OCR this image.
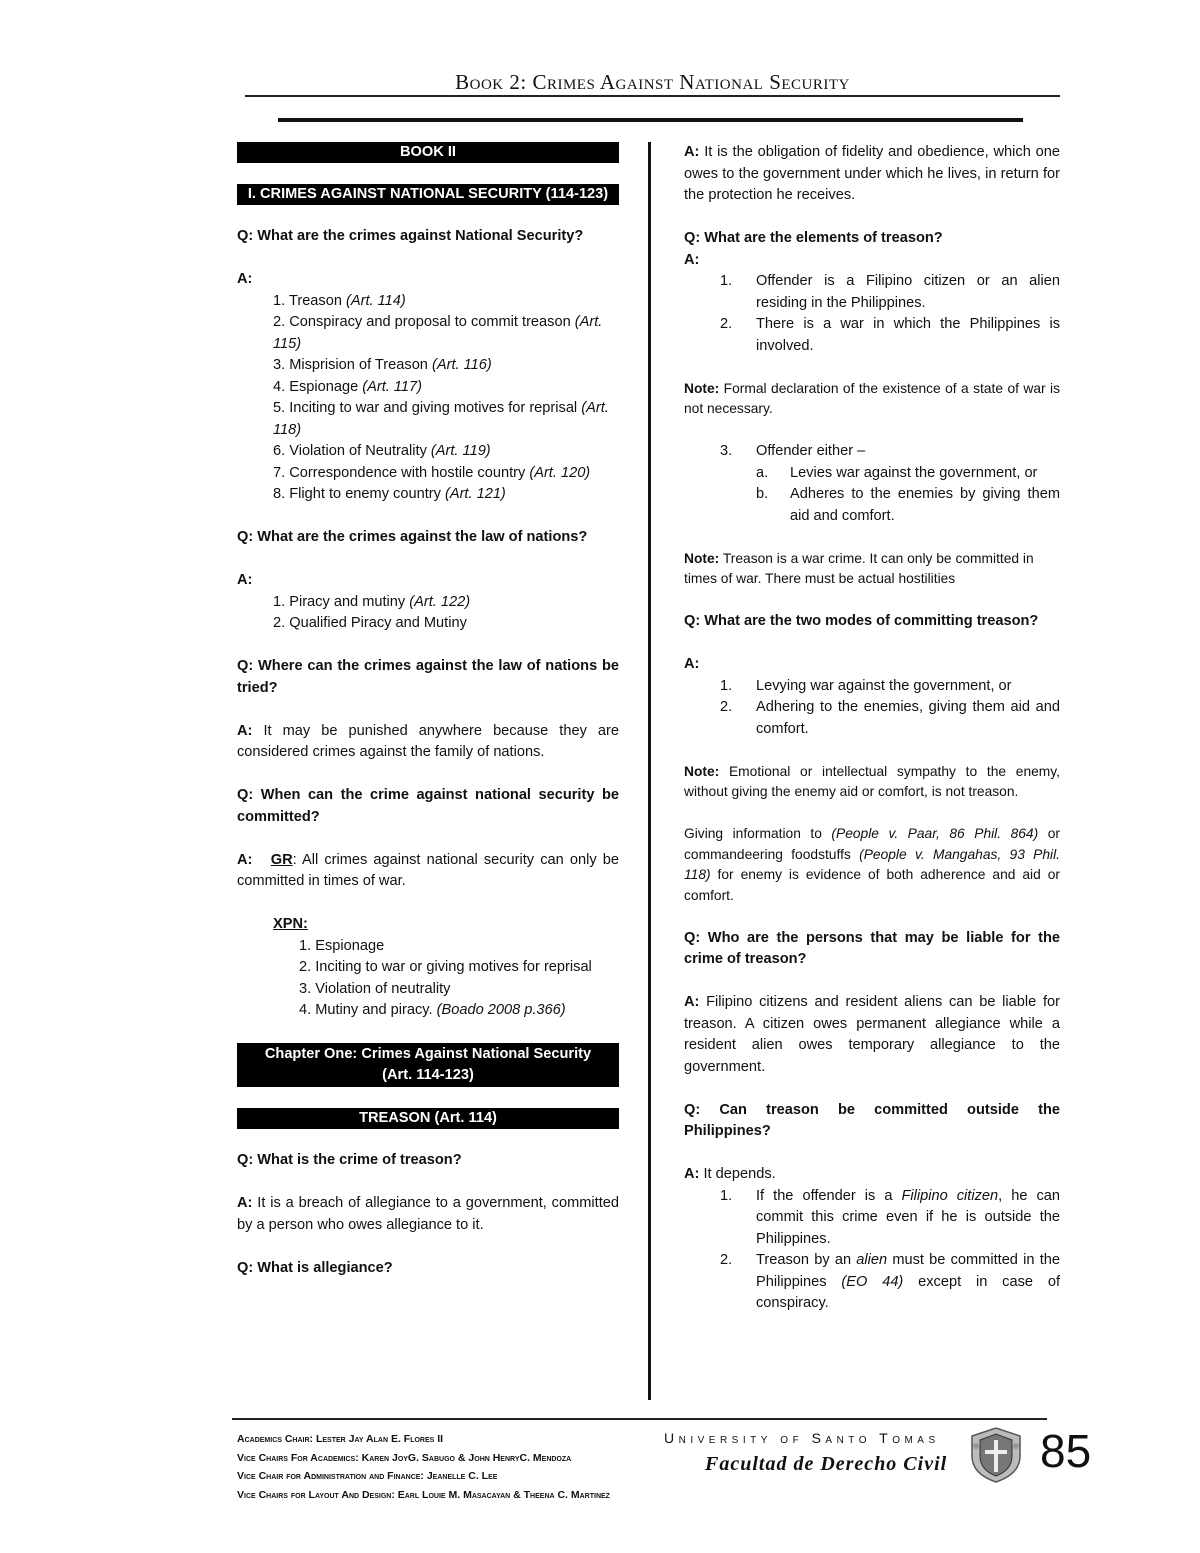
Book 2: Crimes Against National Security
BOOK II
I. CRIMES AGAINST NATIONAL SECURITY (114-123)

Q: What are the crimes against National Security?

A:

1. Treason (Art. 114)
2. Conspiracy and proposal to commit treason (Art. 115)
3. Misprision of Treason (Art. 116)
4. Espionage (Art. 117)
5. Inciting to war and giving motives for reprisal (Art. 118)
6. Violation of Neutrality (Art. 119)
7. Correspondence with hostile country (Art. 120)
8. Flight to enemy country (Art. 121)

Q: What are the crimes against the law of nations?

A:

1. Piracy and mutiny (Art. 122)
2. Qualified Piracy and Mutiny

Q: Where can the crimes against the law of nations be tried?

A: It may be punished anywhere because they are considered crimes against the family of nations.

Q: When can the crime against national security be committed?

A: GR: All crimes against national security can only be committed in times of war.

XPN:
1. Espionage
2. Inciting to war or giving motives for reprisal
3. Violation of neutrality
4. Mutiny and piracy. (Boado 2008 p.366)
Chapter One: Crimes Against National Security
(Art. 114-123)
TREASON (Art. 114)

Q: What is the crime of treason?

A: It is a breach of allegiance to a government, committed by a person who owes allegiance to it.

Q: What is allegiance?

A: It is the obligation of fidelity and obedience, which one owes to the government under which he lives, in return for the protection he receives.

Q: What are the elements of treason?

A:

1.	Offender is a Filipino citizen or an alien residing in the Philippines.
2.	There is a war in which the Philippines is involved.

Note: Formal declaration of the existence of a state of war is not necessary.

3.	Offender either –
a.	Levies war against the government, or
b.	Adheres to the enemies by giving them aid and comfort.

Note: Treason is a war crime. It can only be committed in times of war. There must be actual hostilities

Q: What are the two modes of committing treason?

A:

1.	Levying war against the government, or
2.	Adhering to the enemies, giving them aid and comfort.

Note: Emotional or intellectual sympathy to the enemy, without giving the enemy aid or comfort, is not treason.

Giving information to (People v. Paar, 86 Phil. 864) or commandeering foodstuffs (People v. Mangahas, 93 Phil. 118) for enemy is evidence of both adherence and aid or comfort.

Q: Who are the persons that may be liable for the crime of treason?

A: Filipino citizens and resident aliens can be liable for treason. A citizen owes permanent allegiance while a resident alien owes temporary allegiance to the government.

Q: Can treason be committed outside the Philippines?

A: It depends.

1.	If the offender is a Filipino citizen, he can commit this crime even if he is outside the Philippines.
2.	Treason by an alien must be committed in the Philippines (EO 44) except in case of conspiracy.
Academics Chair: Lester Jay Alan E. Flores II
Vice Chairs For Academics: Karen JoyG. Sabugo & John HenryC. Mendoza
Vice Chair for Administration and Finance: Jeanelle C. Lee
Vice Chairs for Layout And Design: Earl Louie M. Masacayan & Theena C. Martinez
University of Santo Tomas
Facultad de Derecho Civil 85
